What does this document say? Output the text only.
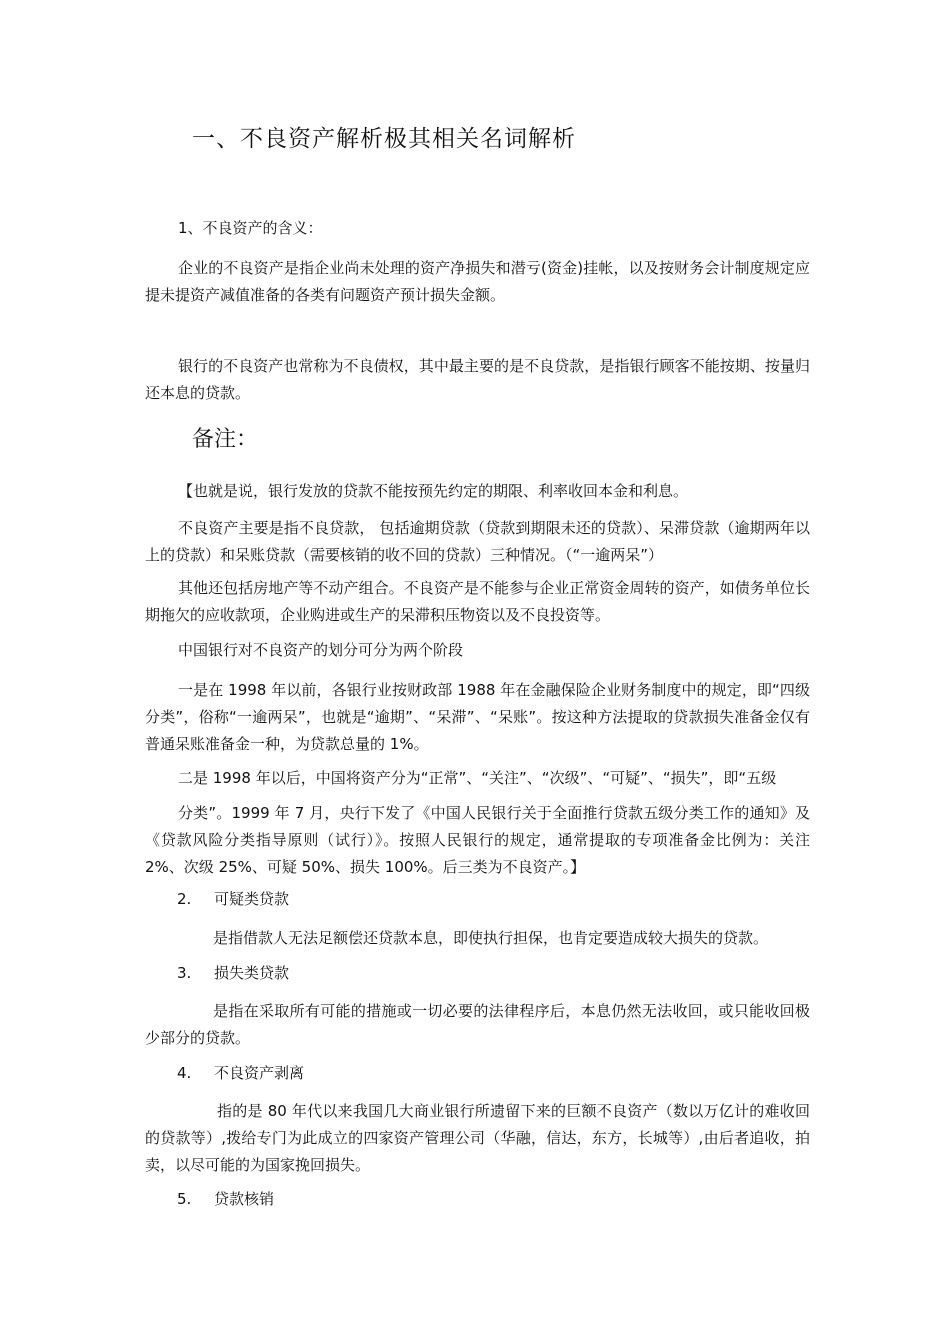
一、不良资产解析极其相关名词解析
1、不良资产的含义：

企业的不良资产是指企业尚未处理的资产净损失和潜亏(资金)挂帐，以及按财务会计制度规定应提未提资产减值准备的各类有问题资产预计损失金额。

银行的不良资产也常称为不良债权，其中最主要的是不良贷款，是指银行顾客不能按期、按量归还本息的贷款。

备注：
【也就是说，银行发放的贷款不能按预先约定的期限、利率收回本金和利息。

不良资产主要是指不良贷款， 包括逾期贷款（贷款到期限未还的贷款）、呆滞贷款（逾期两年以上的贷款）和呆账贷款（需要核销的收不回的贷款）三种情况。（“一逾两呆”）

其他还包括房地产等不动产组合。不良资产是不能参与企业正常资金周转的资产，如债务单位长期拖欠的应收款项，企业购进或生产的呆滞积压物资以及不良投资等。

中国银行对不良资产的划分可分为两个阶段

一是在 1998 年以前，各银行业按财政部 1988 年在金融保险企业财务制度中的规定，即“四级分类”，俗称“一逾两呆”，也就是“逾期”、“呆滞”、“呆账”。按这种方法提取的贷款损失准备金仅有普通呆账准备金一种，为贷款总量的 1%。

二是 1998 年以后，中国将资产分为“正常”、“关注”、“次级”、“可疑”、“损失”，即“五级

分类”。1999 年 7 月，央行下发了《中国人民银行关于全面推行贷款五级分类工作的通知》及《贷款风险分类指导原则（试行）》。按照人民银行的规定，通常提取的专项准备金比例为：关注 2%、次级 25%、可疑 50%、损失 100%。后三类为不良资产。】

2. 可疑类贷款
是指借款人无法足额偿还贷款本息，即使执行担保，也肯定要造成较大损失的贷款。
3. 损失类贷款

是指在采取所有可能的措施或一切必要的法律程序后，本息仍然无法收回，或只能收回极少部分的贷款。

4. 不良资产剥离

指的是 80 年代以来我国几大商业银行所遗留下来的巨额不良资产（数以万亿计的难收回的贷款等）,拨给专门为此成立的四家资产管理公司（华融，信达，东方，长城等）,由后者追收，拍卖，以尽可能的为国家挽回损失。

5. 贷款核销
